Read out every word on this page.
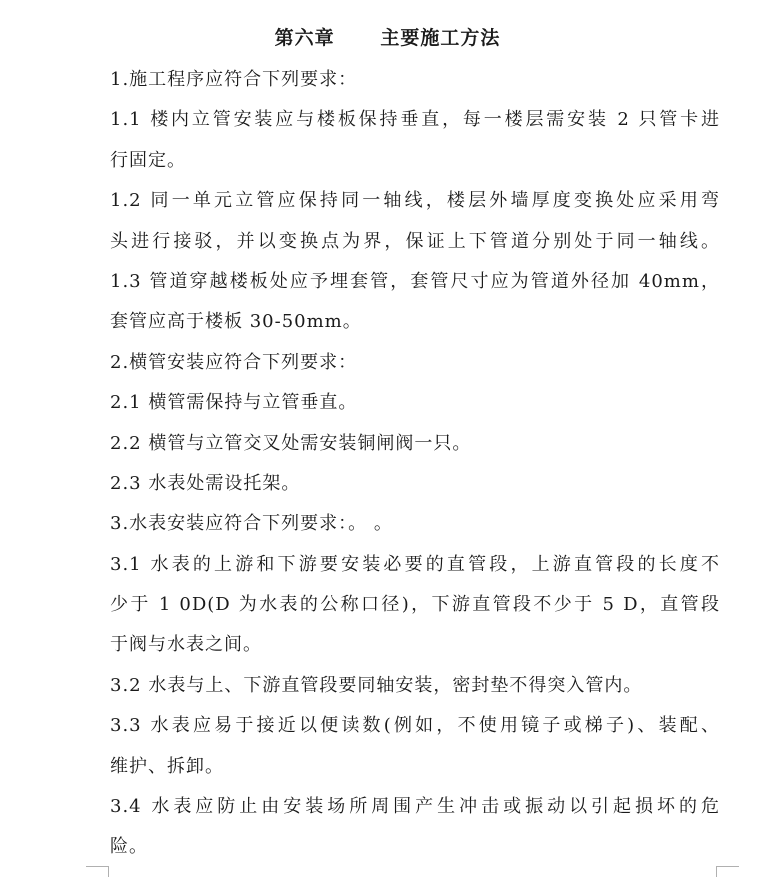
第六章      主要施工方法
1.施工程序应符合下列要求：
1.1 楼内立管安装应与楼板保持垂直，每一楼层需安装 2 只管卡进
行固定。
1.2 同一单元立管应保持同一轴线，楼层外墙厚度变换处应采用弯
头进行接驳，并以变换点为界，保证上下管道分别处于同一轴线。
1.3 管道穿越楼板处应予埋套管，套管尺寸应为管道外径加 40mm，
套管应高于楼板 30-50mm。
2.横管安装应符合下列要求：
2.1 横管需保持与立管垂直。
2.2 横管与立管交叉处需安装铜闸阀一只。
2.3 水表处需设托架。
3.水表安装应符合下列要求：。 。
3.1 水表的上游和下游要安装必要的直管段，上游直管段的长度不
少于 1 0D(D 为水表的公称口径)，下游直管段不少于 5 D，直管段
于阀与水表之间。
3.2 水表与上、下游直管段要同轴安装，密封垫不得突入管内。
3.3 水表应易于接近以便读数(例如，不使用镜子或梯子)、装配、
维护、拆卸。
3.4 水表应防止由安装场所周围产生冲击或振动以引起损坏的危
险。
